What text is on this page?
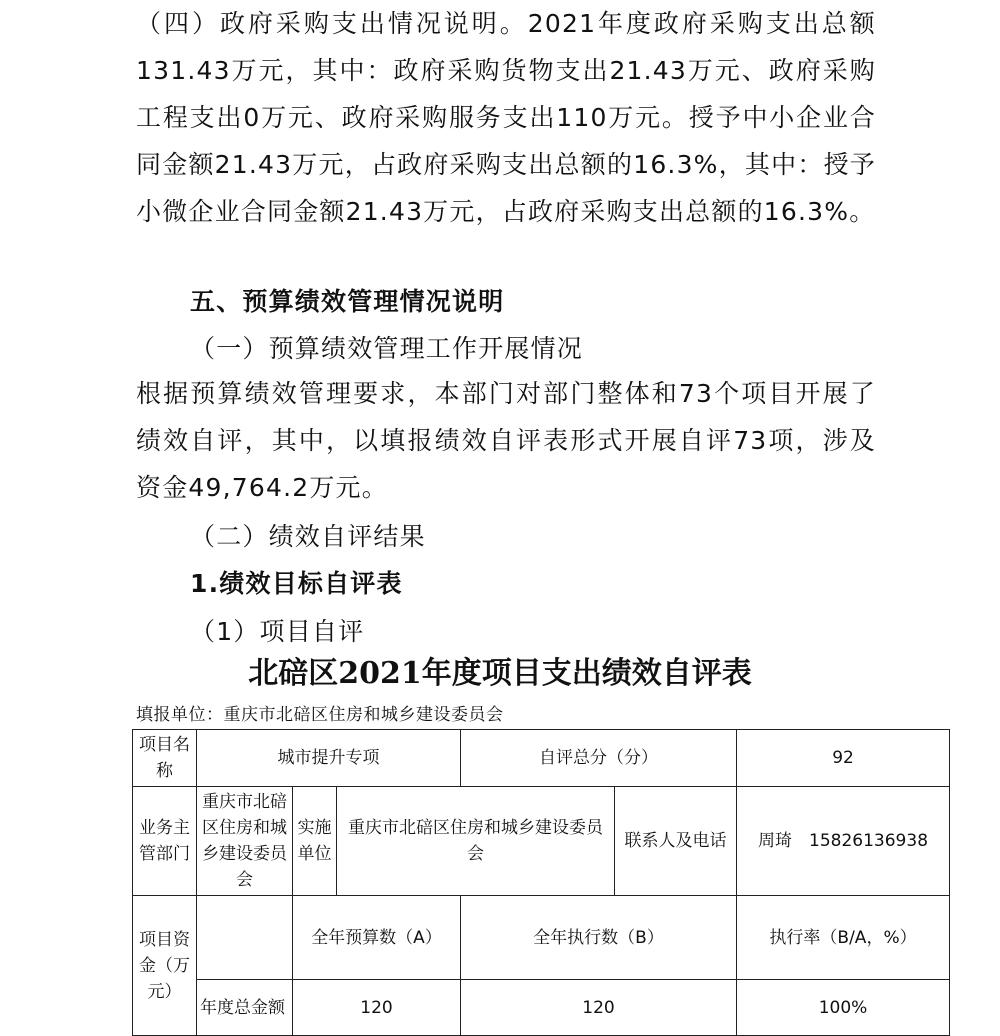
（四）政府采购支出情况说明。2021年度政府采购支出总额131.43万元，其中：政府采购货物支出21.43万元、政府采购工程支出0万元、政府采购服务支出110万元。授予中小企业合同金额21.43万元，占政府采购支出总额的16.3%，其中：授予小微企业合同金额21.43万元，占政府采购支出总额的16.3%。
五、预算绩效管理情况说明
（一）预算绩效管理工作开展情况
根据预算绩效管理要求，本部门对部门整体和73个项目开展了绩效自评，其中，以填报绩效自评表形式开展自评73项，涉及资金49,764.2万元。
（二）绩效自评结果
1.绩效目标自评表
（1）项目自评
北碚区2021年度项目支出绩效自评表
填报单位：重庆市北碚区住房和城乡建设委员会
项目名称	城市提升专项			自评总分（分）		92
业务主管部门	重庆市北碚区住房和城乡建设委员会	实施单位	重庆市北碚区住房和城乡建设委员会		联系人及电话	周琦　15826136938
项目资金（万元）		全年预算数（A）		全年执行数（B）		执行率（B/A，%）
	年度总金额	120		120		100%
